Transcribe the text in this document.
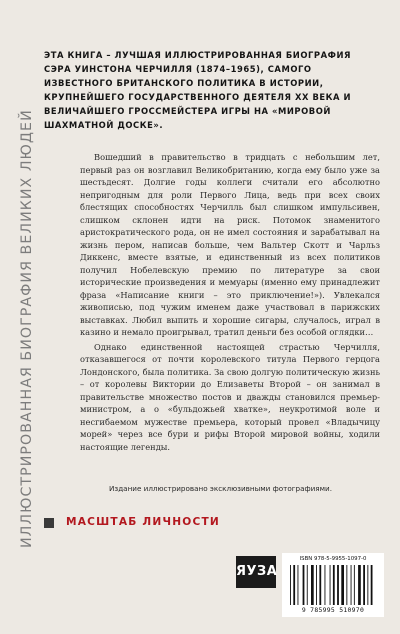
ЭТА КНИГА – ЛУЧШАЯ ИЛЛЮСТРИРОВАННАЯ БИОГРАФИЯ СЭРА УИНСТОНА ЧЕРЧИЛЛЯ (1874–1965), САМОГО ИЗВЕСТНОГО БРИТАНСКОГО ПОЛИТИКА В ИСТОРИИ, КРУПНЕЙШЕГО ГОСУДАРСТВЕННОГО ДЕЯТЕЛЯ XX ВЕКА И ВЕЛИЧАЙШЕГО ГРОССМЕЙСТЕРА ИГРЫ НА «МИРОВОЙ ШАХМАТНОЙ ДОСКЕ».

ИЛЛЮСТРИРОВАННАЯ БИОГРАФИЯ ВЕЛИКИХ ЛЮДЕЙ	Вошедший в правительство в тридцать с небольшим лет, первый раз он возглавил Великобританию, когда ему было уже за шестьдесят. Долгие годы коллеги считали его абсолютно непригодным для роли Первого Лица, ведь при всех своих блестящих способностях Черчилль был слишком импульсивен, слишком склонен идти на риск. Потомок знаменитого аристократического рода, он не имел состояния и зарабатывал на жизнь пером, написав больше, чем Вальтер Скотт и Чарльз Диккенс, вместе взятые, и единственный из всех политиков получил Нобелевскую премию по литературе за свои исторические произведения и мемуары (именно ему принадлежит фраза «Написание книги – это приключение!»). Увлекался живописью, под чужим именем даже участвовал в парижских выставках. Любил выпить и хорошие сигары, случалось, играл в казино и немало проигрывал, тратил деньги без особой оглядки…

Однако единственной настоящей страстью Черчилля, отказавшегося от почти королевского титула Первого герцога Лондонского, была политика. За свою долгую политическую жизнь – от королевы Виктории до Елизаветы Второй – он занимал в правительстве множество постов и дважды становился премьер-министром, а о «бульдожьей хватке», неукротимой воле и несгибаемом мужестве премьера, который провел «Владычицу морей» через все бури и рифы Второй мировой войны, ходили настоящие легенды.

Издание иллюстрировано эксклюзивными фотографиями.

МАСШТАБ ЛИЧНОСТИ
ЯУЗА
ISBN 978-5-9955-1097-0
9 785995 510970
